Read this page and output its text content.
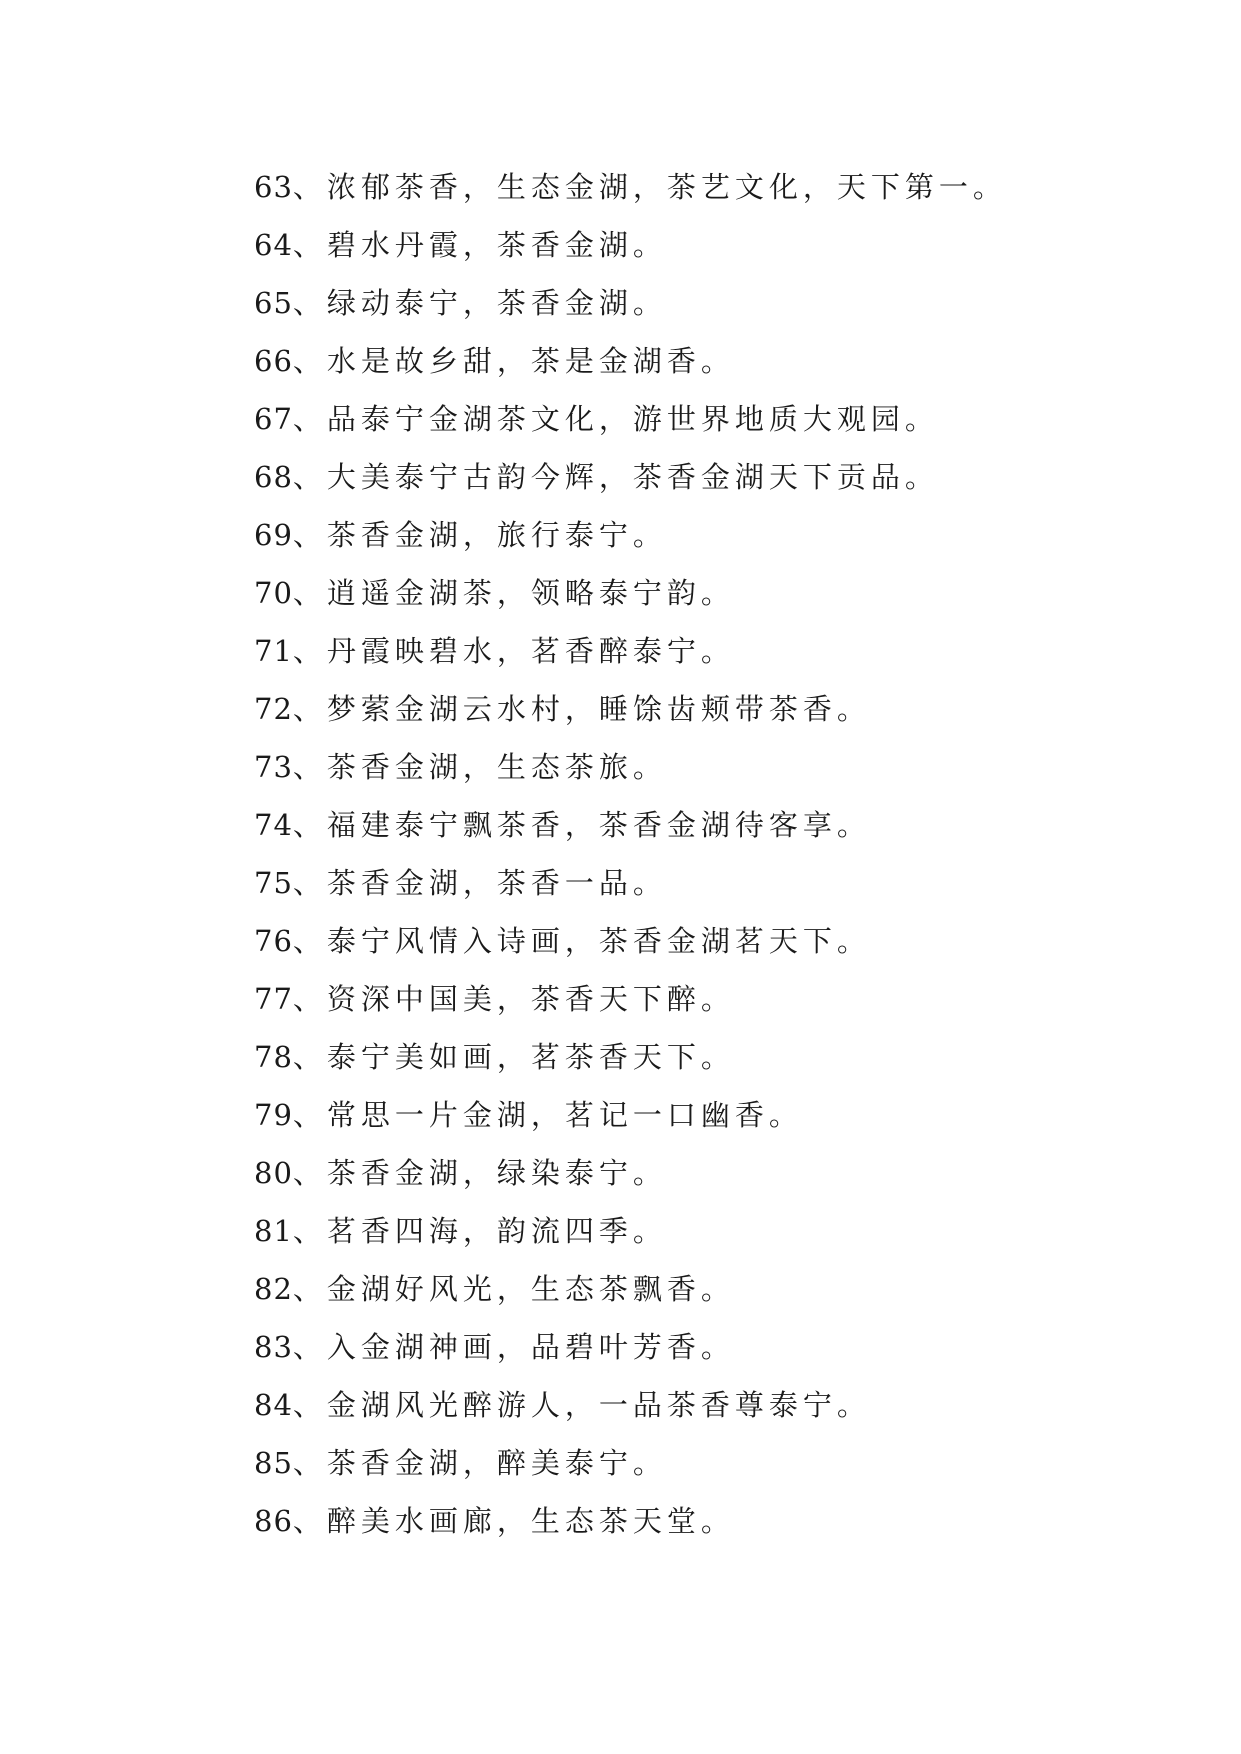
63、浓郁茶香，生态金湖，茶艺文化，天下第一。
64、碧水丹霞，茶香金湖。
65、绿动泰宁，茶香金湖。
66、水是故乡甜，茶是金湖香。
67、品泰宁金湖茶文化，游世界地质大观园。
68、大美泰宁古韵今辉，茶香金湖天下贡品。
69、茶香金湖，旅行泰宁。
70、逍遥金湖茶，领略泰宁韵。
71、丹霞映碧水，茗香醉泰宁。
72、梦萦金湖云水村，睡馀齿颊带茶香。
73、茶香金湖，生态茶旅。
74、福建泰宁飘茶香，茶香金湖待客享。
75、茶香金湖，茶香一品。
76、泰宁风情入诗画，茶香金湖茗天下。
77、资深中国美，茶香天下醉。
78、泰宁美如画，茗茶香天下。
79、常思一片金湖，茗记一口幽香。
80、茶香金湖，绿染泰宁。
81、茗香四海，韵流四季。
82、金湖好风光，生态茶飘香。
83、入金湖神画，品碧叶芳香。
84、金湖风光醉游人，一品茶香尊泰宁。
85、茶香金湖，醉美泰宁。
86、醉美水画廊，生态茶天堂。
